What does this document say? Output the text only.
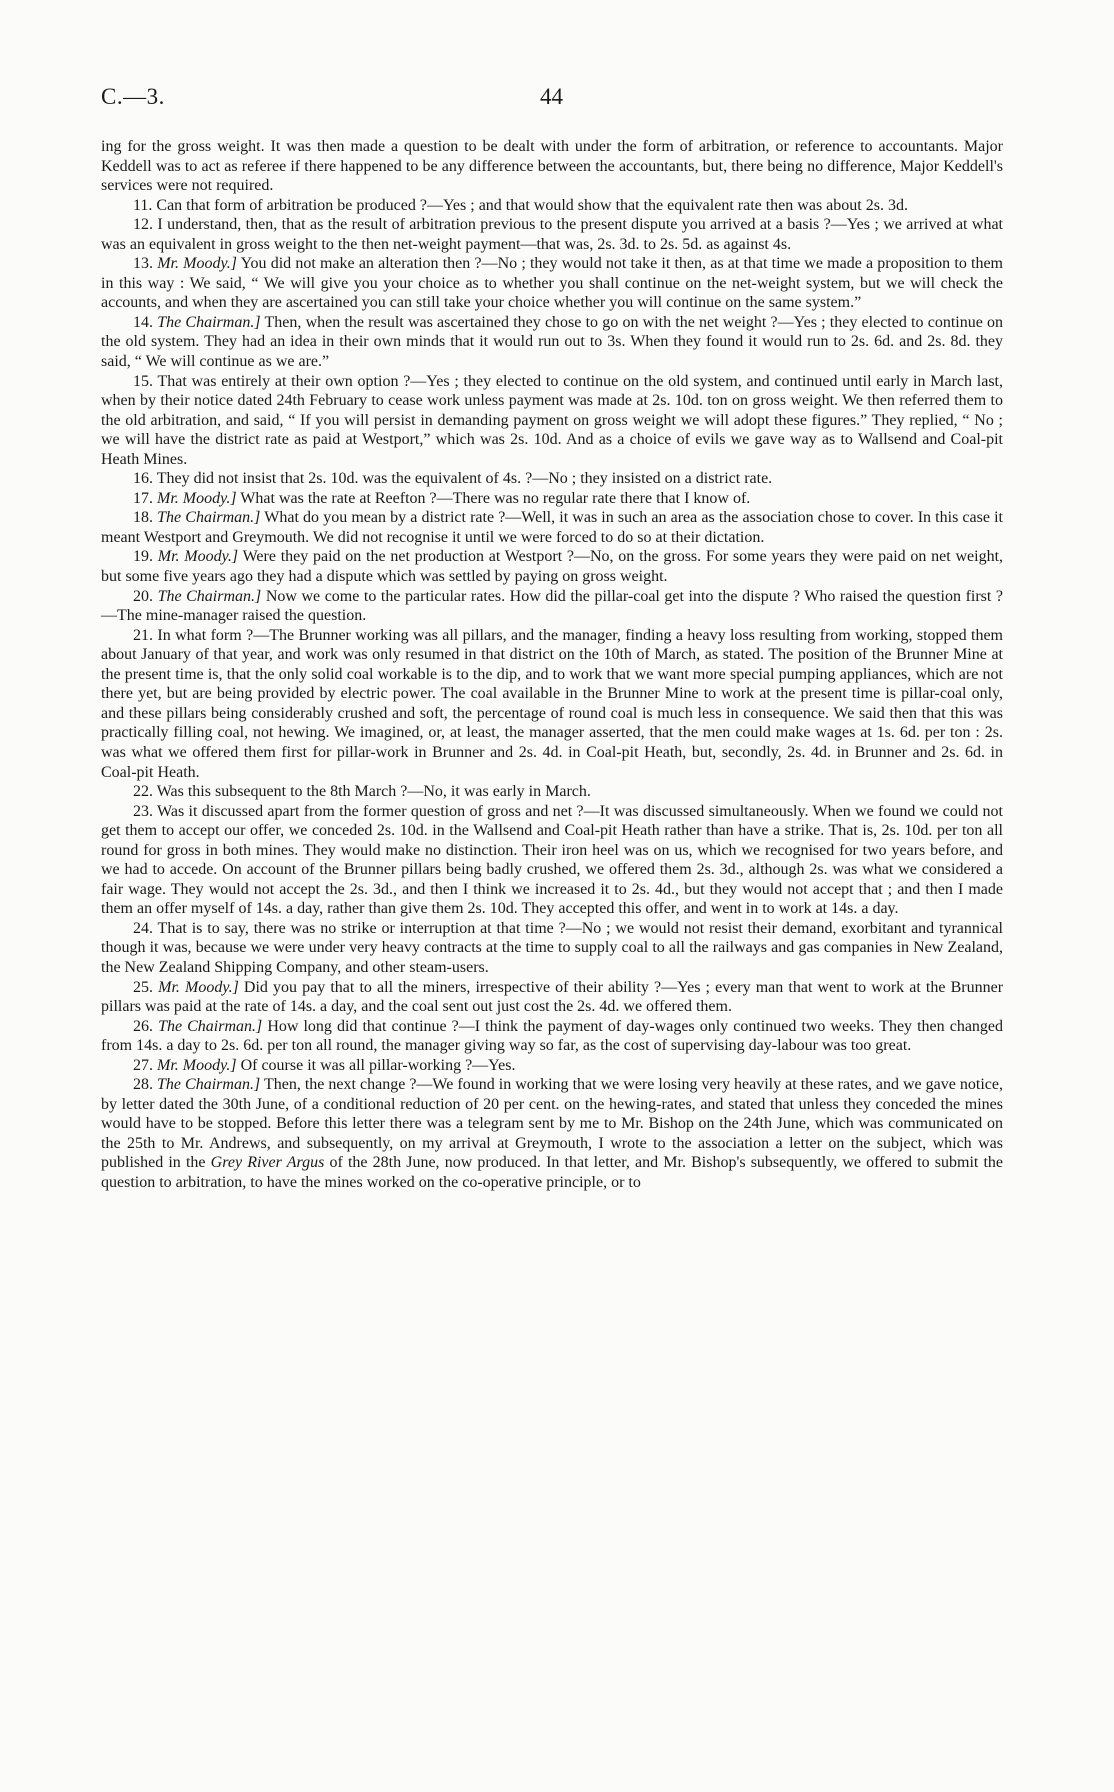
C.—3.	44

ing for the gross weight. It was then made a question to be dealt with under the form of arbitration, or reference to accountants. Major Keddell was to act as referee if there happened to be any difference between the accountants, but, there being no difference, Major Keddell's services were not required.

11. Can that form of arbitration be produced ?—Yes ; and that would show that the equivalent rate then was about 2s. 3d.

12. I understand, then, that as the result of arbitration previous to the present dispute you arrived at a basis ?—Yes ; we arrived at what was an equivalent in gross weight to the then net-weight payment—that was, 2s. 3d. to 2s. 5d. as against 4s.

13. Mr. Moody.] You did not make an alteration then ?—No ; they would not take it then, as at that time we made a proposition to them in this way : We said, “ We will give you your choice as to whether you shall continue on the net-weight system, but we will check the accounts, and when they are ascertained you can still take your choice whether you will continue on the same system.”

14. The Chairman.] Then, when the result was ascertained they chose to go on with the net weight ?—Yes ; they elected to continue on the old system. They had an idea in their own minds that it would run out to 3s. When they found it would run to 2s. 6d. and 2s. 8d. they said, “ We will continue as we are.”

15. That was entirely at their own option ?—Yes ; they elected to continue on the old system, and continued until early in March last, when by their notice dated 24th February to cease work unless payment was made at 2s. 10d. ton on gross weight. We then referred them to the old arbitration, and said, “ If you will persist in demanding payment on gross weight we will adopt these figures.” They replied, “ No ; we will have the district rate as paid at Westport,” which was 2s. 10d. And as a choice of evils we gave way as to Wallsend and Coal-pit Heath Mines.

16. They did not insist that 2s. 10d. was the equivalent of 4s. ?—No ; they insisted on a district rate.

17. Mr. Moody.] What was the rate at Reefton ?—There was no regular rate there that I know of.

18. The Chairman.] What do you mean by a district rate ?—Well, it was in such an area as the association chose to cover. In this case it meant Westport and Greymouth. We did not recognise it until we were forced to do so at their dictation.

19. Mr. Moody.] Were they paid on the net production at Westport ?—No, on the gross. For some years they were paid on net weight, but some five years ago they had a dispute which was settled by paying on gross weight.

20. The Chairman.] Now we come to the particular rates. How did the pillar-coal get into the dispute ? Who raised the question first ?—The mine-manager raised the question.

21. In what form ?—The Brunner working was all pillars, and the manager, finding a heavy loss resulting from working, stopped them about January of that year, and work was only resumed in that district on the 10th of March, as stated. The position of the Brunner Mine at the present time is, that the only solid coal workable is to the dip, and to work that we want more special pumping appliances, which are not there yet, but are being provided by electric power. The coal available in the Brunner Mine to work at the present time is pillar-coal only, and these pillars being considerably crushed and soft, the percentage of round coal is much less in consequence. We said then that this was practically filling coal, not hewing. We imagined, or, at least, the manager asserted, that the men could make wages at 1s. 6d. per ton : 2s. was what we offered them first for pillar-work in Brunner and 2s. 4d. in Coal-pit Heath, but, secondly, 2s. 4d. in Brunner and 2s. 6d. in Coal-pit Heath.

22. Was this subsequent to the 8th March ?—No, it was early in March.

23. Was it discussed apart from the former question of gross and net ?—It was discussed simultaneously. When we found we could not get them to accept our offer, we conceded 2s. 10d. in the Wallsend and Coal-pit Heath rather than have a strike. That is, 2s. 10d. per ton all round for gross in both mines. They would make no distinction. Their iron heel was on us, which we recognised for two years before, and we had to accede. On account of the Brunner pillars being badly crushed, we offered them 2s. 3d., although 2s. was what we considered a fair wage. They would not accept the 2s. 3d., and then I think we increased it to 2s. 4d., but they would not accept that ; and then I made them an offer myself of 14s. a day, rather than give them 2s. 10d. They accepted this offer, and went in to work at 14s. a day.

24. That is to say, there was no strike or interruption at that time ?—No ; we would not resist their demand, exorbitant and tyrannical though it was, because we were under very heavy contracts at the time to supply coal to all the railways and gas companies in New Zealand, the New Zealand Shipping Company, and other steam-users.

25. Mr. Moody.] Did you pay that to all the miners, irrespective of their ability ?—Yes ; every man that went to work at the Brunner pillars was paid at the rate of 14s. a day, and the coal sent out just cost the 2s. 4d. we offered them.

26. The Chairman.] How long did that continue ?—I think the payment of day-wages only continued two weeks. They then changed from 14s. a day to 2s. 6d. per ton all round, the manager giving way so far, as the cost of supervising day-labour was too great.

27. Mr. Moody.] Of course it was all pillar-working ?—Yes.

28. The Chairman.] Then, the next change ?—We found in working that we were losing very heavily at these rates, and we gave notice, by letter dated the 30th June, of a conditional reduction of 20 per cent. on the hewing-rates, and stated that unless they conceded the mines would have to be stopped. Before this letter there was a telegram sent by me to Mr. Bishop on the 24th June, which was communicated on the 25th to Mr. Andrews, and subsequently, on my arrival at Greymouth, I wrote to the association a letter on the subject, which was published in the Grey River Argus of the 28th June, now produced. In that letter, and Mr. Bishop's subsequently, we offered to submit the question to arbitration, to have the mines worked on the co-operative principle, or to
